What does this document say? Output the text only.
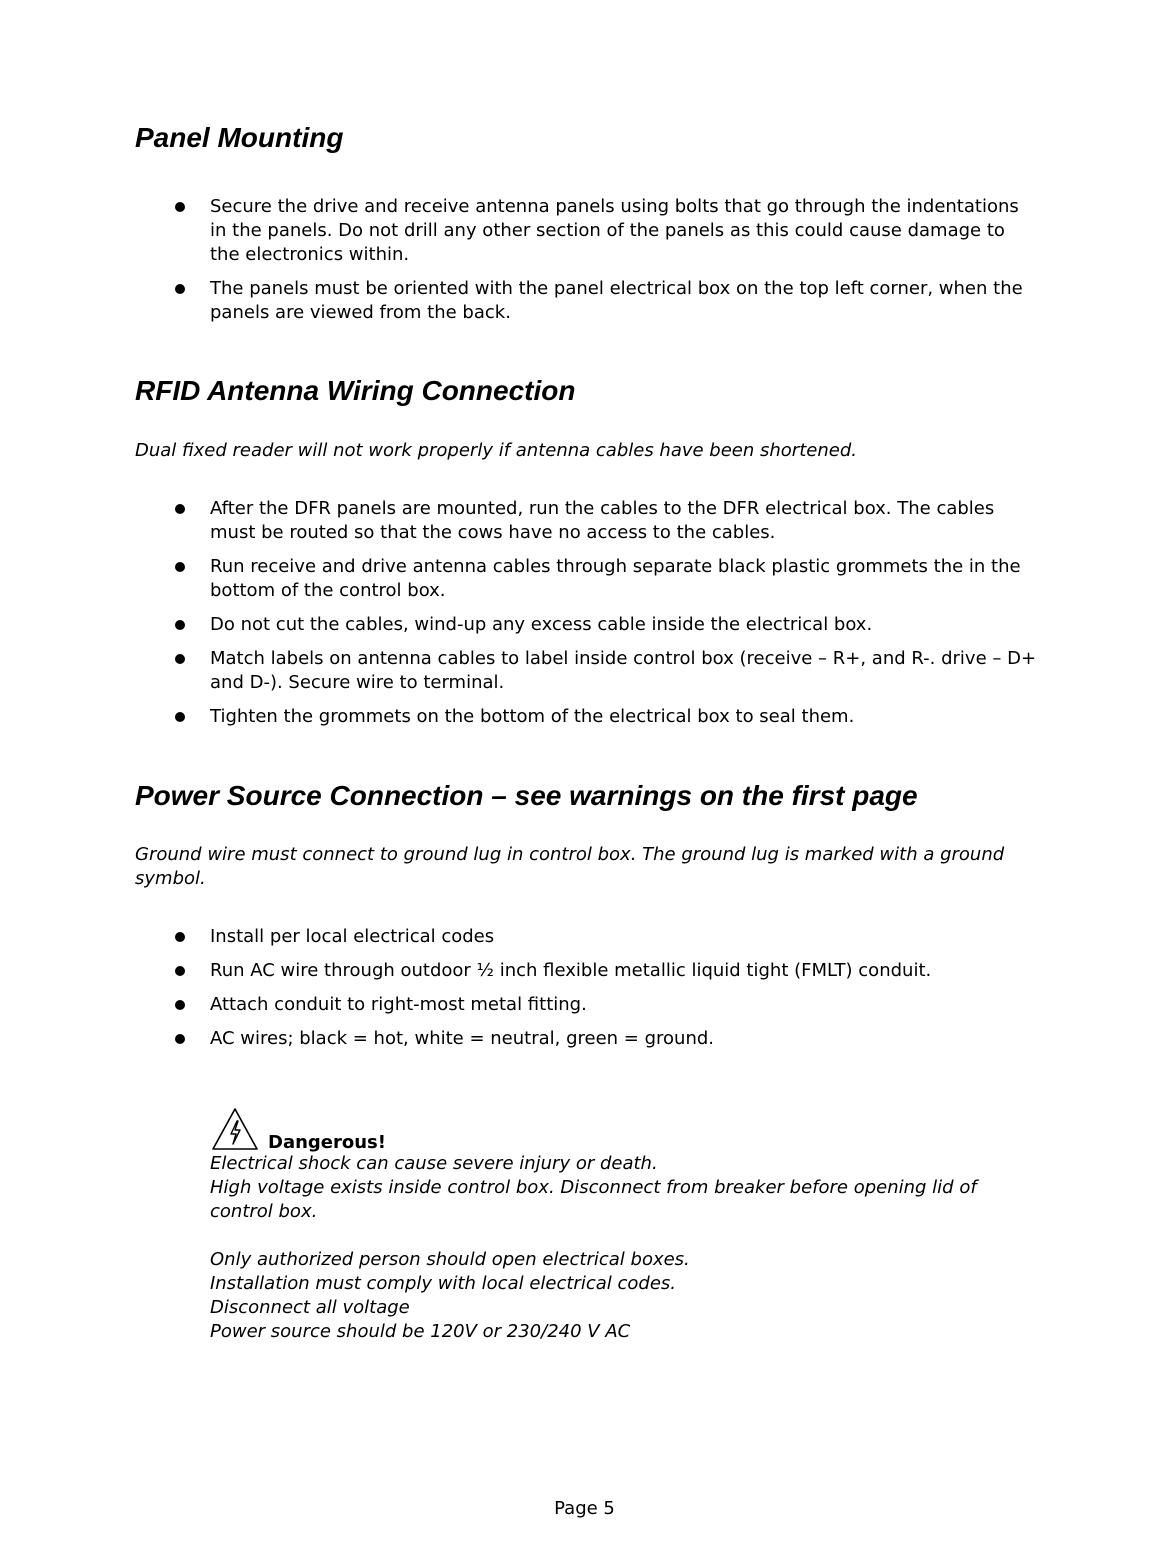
Panel Mounting
Secure the drive and receive antenna panels using bolts that go through the indentations in the panels. Do not drill any other section of the panels as this could cause damage to the electronics within.
The panels must be oriented with the panel electrical box on the top left corner, when the panels are viewed from the back.
RFID Antenna Wiring Connection

Dual fixed reader will not work properly if antenna cables have been shortened.

After the DFR panels are mounted, run the cables to the DFR electrical box. The cables must be routed so that the cows have no access to the cables.
Run receive and drive antenna cables through separate black plastic grommets the in the bottom of the control box.
Do not cut the cables, wind-up any excess cable inside the electrical box.
Match labels on antenna cables to label inside control box (receive – R+, and R-. drive – D+ and D-). Secure wire to terminal.
Tighten the grommets on the bottom of the electrical box to seal them.
Power Source Connection – see warnings on the first page

Ground wire must connect to ground lug in control box. The ground lug is marked with a ground symbol.

Install per local electrical codes
Run AC wire through outdoor ½ inch flexible metallic liquid tight (FMLT) conduit.
Attach conduit to right-most metal fitting.
AC wires; black = hot, white = neutral, green = ground.
Dangerous!
Electrical shock can cause severe injury or death.
High voltage exists inside control box. Disconnect from breaker before opening lid of control box.
Only authorized person should open electrical boxes.
Installation must comply with local electrical codes.
Disconnect all voltage
Power source should be 120V or 230/240 V AC
Page 5
